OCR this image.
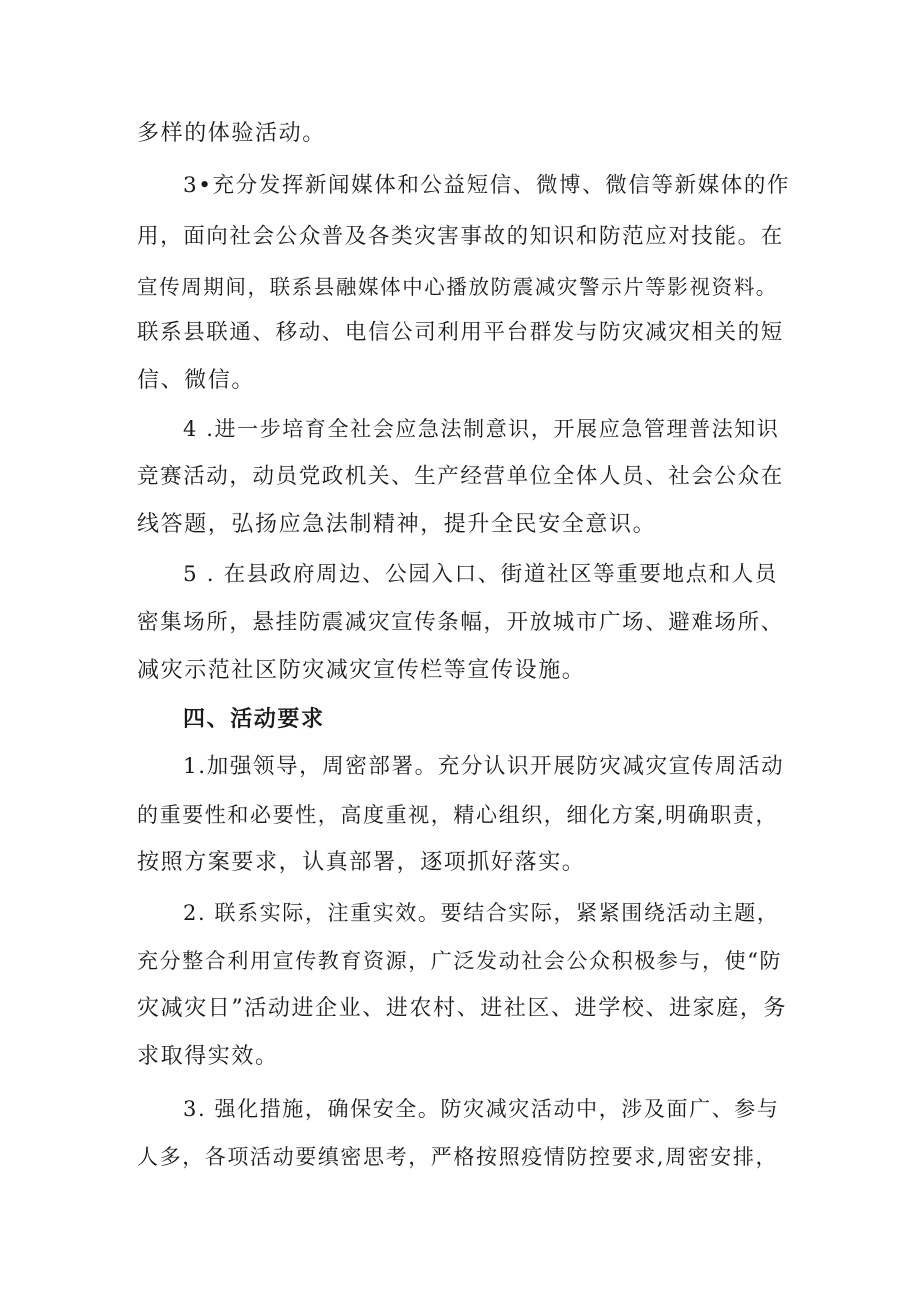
多样的体验活动。
3•充分发挥新闻媒体和公益短信、微博、微信等新媒体的作
用，面向社会公众普及各类灾害事故的知识和防范应对技能。在
宣传周期间，联系县融媒体中心播放防震减灾警示片等影视资料。
联系县联通、移动、电信公司利用平台群发与防灾减灾相关的短
信、微信。
4 .进一步培育全社会应急法制意识，开展应急管理普法知识
竞赛活动，动员党政机关、生产经营单位全体人员、社会公众在
线答题，弘扬应急法制精神，提升全民安全意识。
5 . 在县政府周边、公园入口、街道社区等重要地点和人员
密集场所，悬挂防震减灾宣传条幅，开放城市广场、避难场所、
减灾示范社区防灾减灾宣传栏等宣传设施。
四、活动要求
1.加强领导，周密部署。充分认识开展防灾减灾宣传周活动
的重要性和必要性，高度重视，精心组织，细化方案,明确职责，
按照方案要求，认真部署，逐项抓好落实。
2. 联系实际，注重实效。要结合实际，紧紧围绕活动主题，
充分整合利用宣传教育资源，广泛发动社会公众积极参与，使“防
灾减灾日”活动进企业、进农村、进社区、进学校、进家庭，务
求取得实效。
3. 强化措施，确保安全。防灾减灾活动中，涉及面广、参与
人多，各项活动要缜密思考，严格按照疫情防控要求,周密安排，
